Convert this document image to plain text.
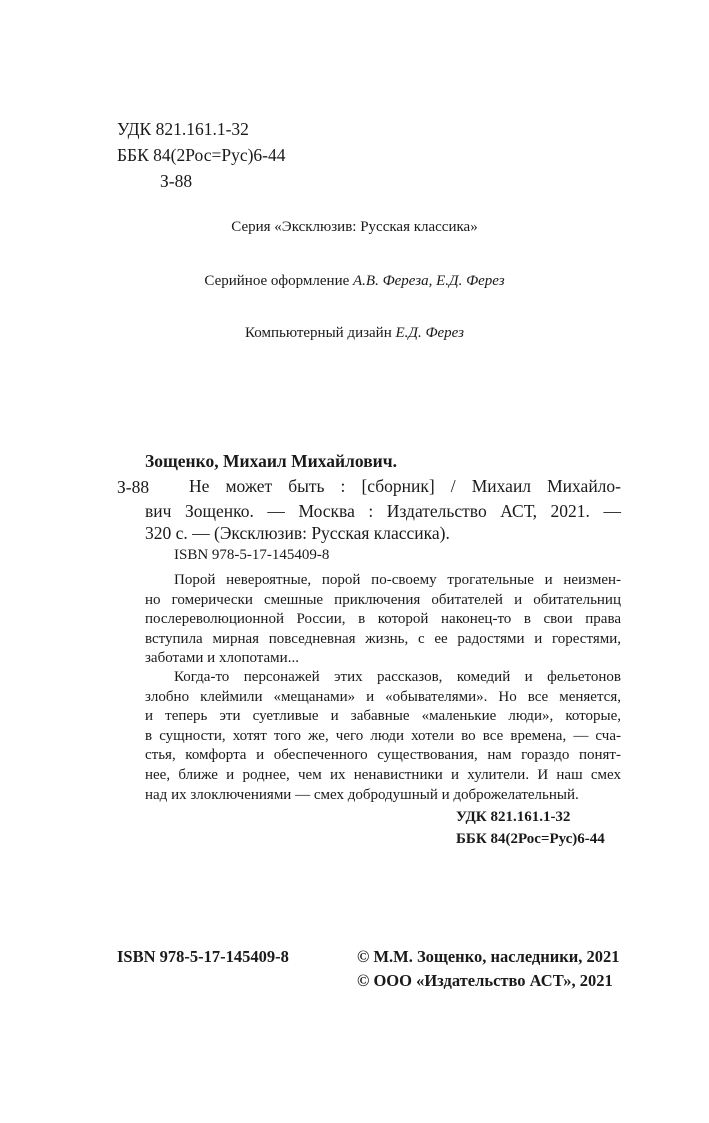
УДК 821.161.1-32
ББК 84(2Рос=Рус)6-44
З-88
Серия «Эксклюзив: Русская классика»
Серийное оформление А.В. Фереза, Е.Д. Ферез
Компьютерный дизайн Е.Д. Ферез
Зощенко, Михаил Михайлович.
З-88 Не может быть : [сборник] / Михаил Михайло-
вич Зощенко. — Москва : Издательство АСТ, 2021. —
320 с. — (Эксклюзив: Русская классика).
ISBN 978-5-17-145409-8
Порой невероятные, порой по-своему трогательные и неизмен-
но гомерически смешные приключения обитателей и обитательниц
послереволюционной России, в которой наконец-то в свои права
вступила мирная повседневная жизнь, с ее радостями и горестями,
заботами и хлопотами...
Когда-то персонажей этих рассказов, комедий и фельетонов
злобно клеймили «мещанами» и «обывателями». Но все меняется,
и теперь эти суетливые и забавные «маленькие люди», которые,
в сущности, хотят того же, чего люди хотели во все времена, — сча-
стья, комфорта и обеспеченного существования, нам гораздо понят-
нее, ближе и роднее, чем их ненавистники и хулители. И наш смех
над их злоключениями — смех добродушный и доброжелательный.
УДК 821.161.1-32
ББК 84(2Рос=Рус)6-44
ISBN 978-5-17-145409-8	© М.М. Зощенко, наследники, 2021
© ООО «Издательство АСТ», 2021
